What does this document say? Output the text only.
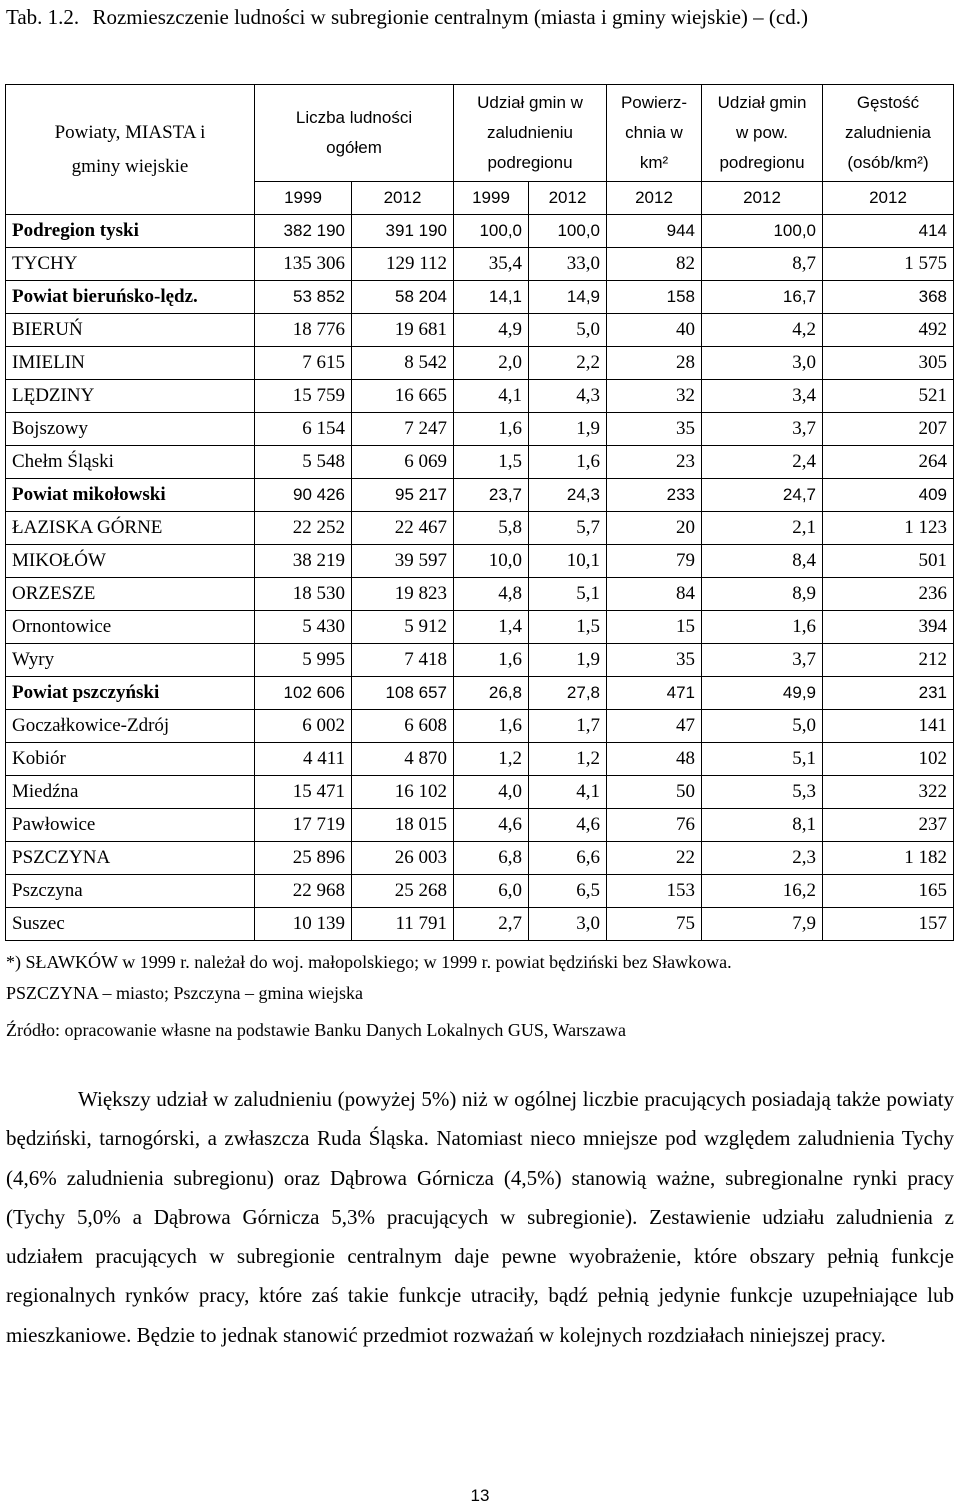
Tab. 1.2. Rozmieszczenie ludności w subregionie centralnym (miasta i gminy wiejskie) – (cd.)
Powiaty, MIASTA i gminy wiejskie	Liczba ludności ogółem		Udział gmin w zaludnieniu podregionu		Powierz-chnia w km²	Udział gmin w pow. podregionu	Gęstość zaludnienia (osób/km²)
	1999	2012	1999	2012	2012	2012	2012
Podregion tyski	382 190	391 190	100,0	100,0	944	100,0	414
TYCHY	135 306	129 112	35,4	33,0	82	8,7	1 575
Powiat bieruńsko-lędz.	53 852	58 204	14,1	14,9	158	16,7	368
BIERUŃ	18 776	19 681	4,9	5,0	40	4,2	492
IMIELIN	7 615	8 542	2,0	2,2	28	3,0	305
LĘDZINY	15 759	16 665	4,1	4,3	32	3,4	521
Bojszowy	6 154	7 247	1,6	1,9	35	3,7	207
Chełm Śląski	5 548	6 069	1,5	1,6	23	2,4	264
Powiat mikołowski	90 426	95 217	23,7	24,3	233	24,7	409
ŁAZISKA GÓRNE	22 252	22 467	5,8	5,7	20	2,1	1 123
MIKOŁÓW	38 219	39 597	10,0	10,1	79	8,4	501
ORZESZE	18 530	19 823	4,8	5,1	84	8,9	236
Ornontowice	5 430	5 912	1,4	1,5	15	1,6	394
Wyry	5 995	7 418	1,6	1,9	35	3,7	212
Powiat pszczyński	102 606	108 657	26,8	27,8	471	49,9	231
Goczałkowice-Zdrój	6 002	6 608	1,6	1,7	47	5,0	141
Kobiór	4 411	4 870	1,2	1,2	48	5,1	102
Miedźna	15 471	16 102	4,0	4,1	50	5,3	322
Pawłowice	17 719	18 015	4,6	4,6	76	8,1	237
PSZCZYNA	25 896	26 003	6,8	6,6	22	2,3	1 182
Pszczyna	22 968	25 268	6,0	6,5	153	16,2	165
Suszec	10 139	11 791	2,7	3,0	75	7,9	157

*) SŁAWKÓW w 1999 r. należał do woj. małopolskiego; w 1999 r. powiat będziński bez Sławkowa.

PSZCZYNA – miasto; Pszczyna – gmina wiejska

Źródło: opracowanie własne na podstawie Banku Danych Lokalnych GUS, Warszawa

Większy udział w zaludnieniu (powyżej 5%) niż w ogólnej liczbie pracujących posiadają także powiaty będziński, tarnogórski, a zwłaszcza Ruda Śląska. Natomiast nieco mniejsze pod względem zaludnienia Tychy (4,6% zaludnienia subregionu) oraz Dąbrowa Górnicza (4,5%) stanowią ważne, subregionalne rynki pracy (Tychy 5,0% a Dąbrowa Górnicza 5,3% pracujących w subregionie). Zestawienie udziału zaludnienia z udziałem pracujących w subregionie centralnym daje pewne wyobrażenie, które obszary pełnią funkcje regionalnych rynków pracy, które zaś takie funkcje utraciły, bądź pełnią jedynie funkcje uzupełniające lub mieszkaniowe. Będzie to jednak stanowić przedmiot rozważań w kolejnych rozdziałach niniejszej pracy.

13
